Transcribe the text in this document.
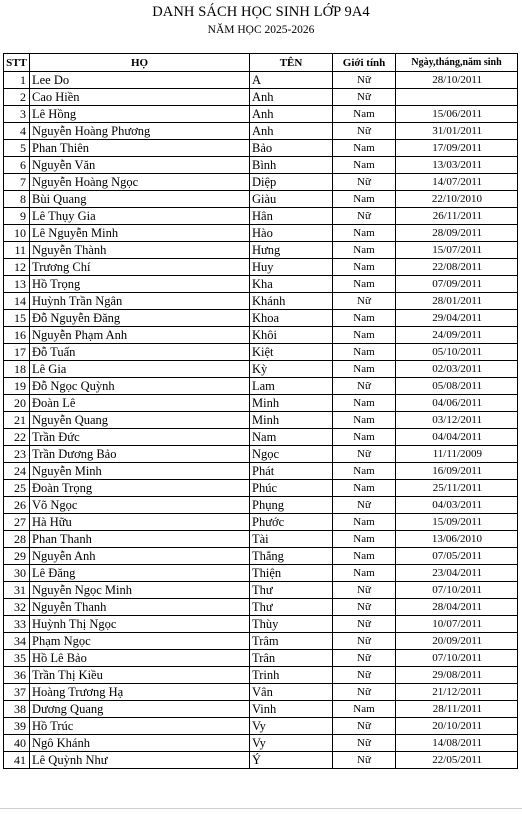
DANH SÁCH HỌC SINH LỚP 9A4
NĂM HỌC 2025-2026
STT	HỌ	TÊN	Giới tính	Ngày,tháng,năm sinh
1	Lee Do	A	Nữ	28/10/2011
2	Cao Hiền	Anh	Nữ	
3	Lê Hồng	Anh	Nam	15/06/2011
4	Nguyễn Hoàng Phương	Anh	Nữ	31/01/2011
5	Phan Thiên	Bảo	Nam	17/09/2011
6	Nguyễn Văn	Bình	Nam	13/03/2011
7	Nguyễn Hoàng Ngọc	Diệp	Nữ	14/07/2011
8	Bùi Quang	Giàu	Nam	22/10/2010
9	Lê Thụy Gia	Hân	Nữ	26/11/2011
10	Lê Nguyễn Minh	Hào	Nam	28/09/2011
11	Nguyễn Thành	Hưng	Nam	15/07/2011
12	Trương Chí	Huy	Nam	22/08/2011
13	Hồ Trọng	Kha	Nam	07/09/2011
14	Huỳnh Trần Ngân	Khánh	Nữ	28/01/2011
15	Đỗ Nguyễn Đăng	Khoa	Nam	29/04/2011
16	Nguyễn Phạm Anh	Khôi	Nam	24/09/2011
17	Đỗ Tuấn	Kiệt	Nam	05/10/2011
18	Lê Gia	Kỳ	Nam	02/03/2011
19	Đỗ Ngọc Quỳnh	Lam	Nữ	05/08/2011
20	Đoàn Lê	Minh	Nam	04/06/2011
21	Nguyễn Quang	Minh	Nam	03/12/2011
22	Trần Đức	Nam	Nam	04/04/2011
23	Trần Dương Bảo	Ngọc	Nữ	11/11/2009
24	Nguyễn Minh	Phát	Nam	16/09/2011
25	Đoàn Trọng	Phúc	Nam	25/11/2011
26	Võ Ngọc	Phụng	Nữ	04/03/2011
27	Hà Hữu	Phước	Nam	15/09/2011
28	Phan Thanh	Tài	Nam	13/06/2010
29	Nguyễn Anh	Thắng	Nam	07/05/2011
30	Lê Đăng	Thiện	Nam	23/04/2011
31	Nguyễn Ngọc Minh	Thư	Nữ	07/10/2011
32	Nguyễn Thanh	Thư	Nữ	28/04/2011
33	Huỳnh Thị Ngọc	Thùy	Nữ	10/07/2011
34	Phạm Ngọc	Trâm	Nữ	20/09/2011
35	Hồ Lê Bảo	Trân	Nữ	07/10/2011
36	Trần Thị Kiều	Trinh	Nữ	29/08/2011
37	Hoàng Trương Hạ	Vân	Nữ	21/12/2011
38	Dương Quang	Vinh	Nam	28/11/2011
39	Hồ Trúc	Vy	Nữ	20/10/2011
40	Ngô Khánh	Vy	Nữ	14/08/2011
41	Lê Quỳnh Như	Ý	Nữ	22/05/2011
